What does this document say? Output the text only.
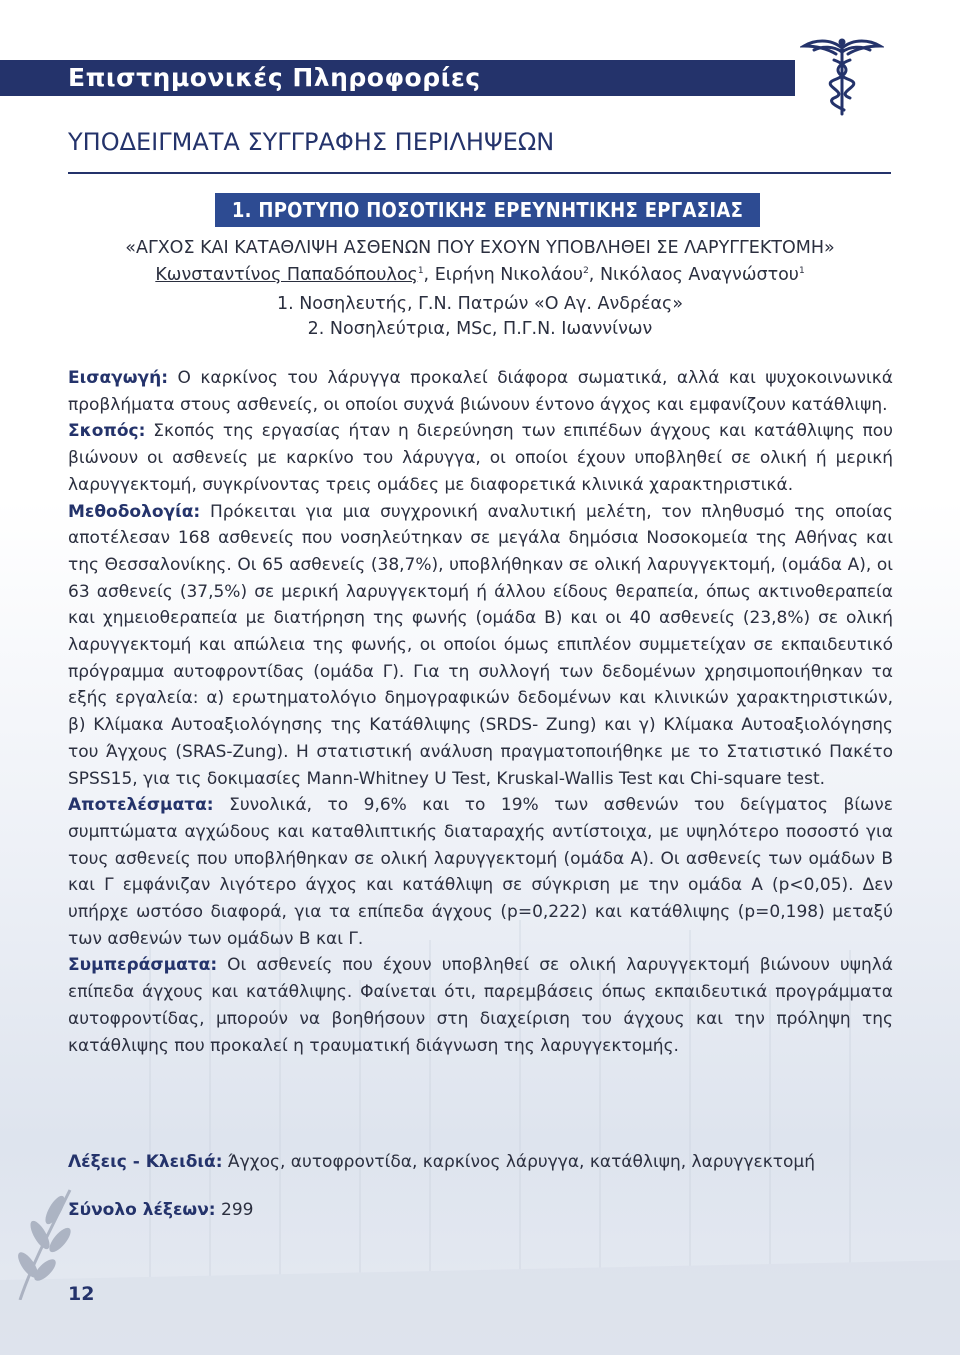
Επιστημονικές Πληροφορίες
ΥΠΟΔΕΙΓΜΑΤΑ ΣΥΓΓΡΑΦΗΣ ΠΕΡΙΛΗΨΕΩΝ
1. ΠΡΟΤΥΠΟ ΠΟΣΟΤΙΚΗΣ ΕΡΕΥΝΗΤΙΚΗΣ ΕΡΓΑΣΙΑΣ
«ΑΓΧΟΣ ΚΑΙ ΚΑΤΑΘΛΙΨΗ ΑΣΘΕΝΩΝ ΠΟΥ ΕΧΟΥΝ ΥΠΟΒΛΗΘΕΙ ΣΕ ΛΑΡΥΓΓΕΚΤΟΜΗ»
Κωνσταντίνος Παπαδόπουλος$^1$, Ειρήνη Νικολάου$^2$, Νικόλαος Αναγνώστου$^1$
1. Νοσηλευτής, Γ.Ν. Πατρών «Ο Αγ. Ανδρέας»
2. Νοσηλεύτρια, MSc, Π.Γ.Ν. Ιωαννίνων

Εισαγωγή: Ο καρκίνος του λάρυγγα προκαλεί διάφορα σωματικά, αλλά και ψυχοκοινωνικά προβλήματα στους ασθενείς, οι οποίοι συχνά βιώνουν έντονο άγχος και εμφανίζουν κατάθλιψη.

Σκοπός: Σκοπός της εργασίας ήταν η διερεύνηση των επιπέδων άγχους και κατάθλιψης που βιώνουν οι ασθενείς με καρκίνο του λάρυγγα, οι οποίοι έχουν υποβληθεί σε ολική ή μερική λαρυγγεκτομή, συγκρίνοντας τρεις ομάδες με διαφορετικά κλινικά χαρακτηριστικά.

Μεθοδολογία: Πρόκειται για μια συγχρονική αναλυτική μελέτη, τον πληθυσμό της οποίας αποτέλεσαν 168 ασθενείς που νοσηλεύτηκαν σε μεγάλα δημόσια Νοσοκομεία της Αθήνας και της Θεσσαλονίκης. Οι 65 ασθενείς (38,7%), υποβλήθηκαν σε ολική λαρυγγεκτομή, (ομάδα Α), οι 63 ασθενείς (37,5%) σε μερική λαρυγγεκτομή ή άλλου είδους θεραπεία, όπως ακτινοθεραπεία και χημειοθεραπεία με διατήρηση της φωνής (ομάδα Β) και οι 40 ασθενείς (23,8%) σε ολική λαρυγγεκτομή και απώλεια της φωνής, οι οποίοι όμως επιπλέον συμμετείχαν σε εκπαιδευτικό πρόγραμμα αυτοφροντίδας (ομάδα Γ). Για τη συλλογή των δεδομένων χρησιμοποιήθηκαν τα εξής εργαλεία: α) ερωτηματολόγιο δημογραφικών δεδομένων και κλινικών χαρακτηριστικών, β) Κλίμακα Αυτοαξιολόγησης της Κατάθλιψης (SRDS- Zung) και γ) Κλίμακα Αυτοαξιολόγησης του Άγχους (SRAS-Zung). Η στατιστική ανάλυση πραγματοποιήθηκε με το Στατιστικό Πακέτο SPSS15, για τις δοκιμασίες Mann-Whitney U Test, Kruskal-Wallis Test και Chi-square test.

Αποτελέσματα: Συνολικά, το 9,6% και το 19% των ασθενών του δείγματος βίωνε συμπτώματα αγχώδους και καταθλιπτικής διαταραχής αντίστοιχα, με υψηλότερο ποσοστό για τους ασθενείς που υποβλήθηκαν σε ολική λαρυγγεκτομή (ομάδα Α). Οι ασθενείς των ομάδων Β και Γ εμφάνιζαν λιγότερο άγχος και κατάθλιψη σε σύγκριση με την ομάδα Α (p<0,05). Δεν υπήρχε ωστόσο διαφορά, για τα επίπεδα άγχους (p=0,222) και κατάθλιψης (p=0,198) μεταξύ των ασθενών των ομάδων Β και Γ.

Συμπεράσματα: Οι ασθενείς που έχουν υποβληθεί σε ολική λαρυγγεκτομή βιώνουν υψηλά επίπεδα άγχους και κατάθλιψης. Φαίνεται ότι, παρεμβάσεις όπως εκπαιδευτικά προγράμματα αυτοφροντίδας, μπορούν να βοηθήσουν στη διαχείριση του άγχους και την πρόληψη της κατάθλιψης που προκαλεί η τραυματική διάγνωση της λαρυγγεκτομής.

Λέξεις - Κλειδιά: Άγχος, αυτοφροντίδα, καρκίνος λάρυγγα, κατάθλιψη, λαρυγγεκτομή
Σύνολο λέξεων: 299
12
